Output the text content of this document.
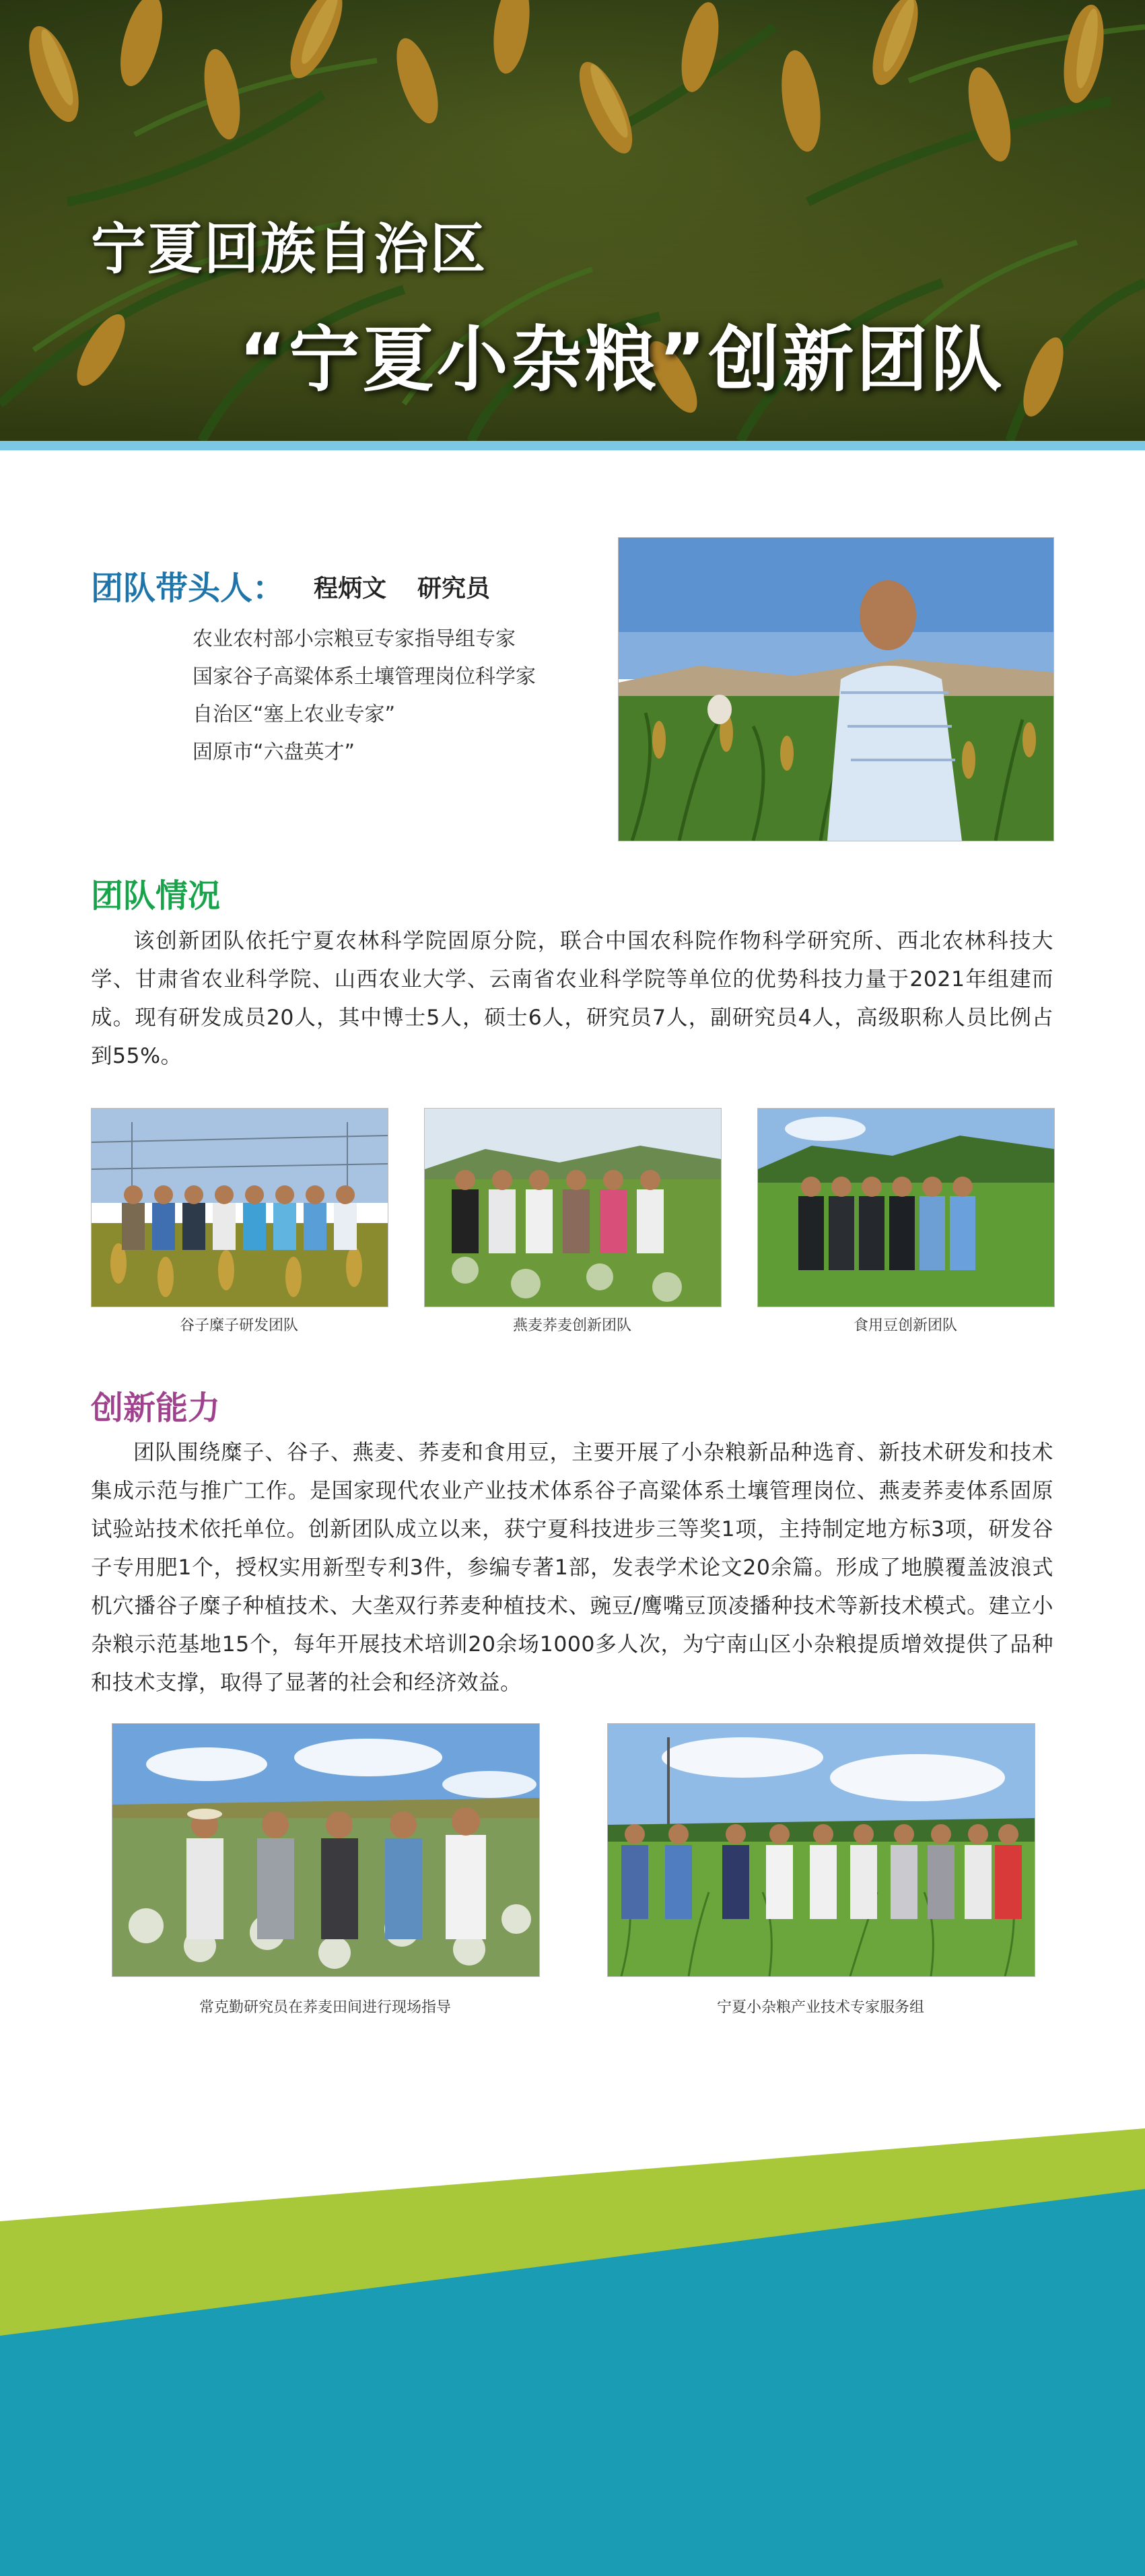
宁夏回族自治区
“宁夏小杂粮”创新团队
团队带头人： 程炳文 研究员
农业农村部小宗粮豆专家指导组专家
国家谷子高粱体系土壤管理岗位科学家
自治区“塞上农业专家”
固原市“六盘英才”
团队情况

该创新团队依托宁夏农林科学院固原分院，联合中国农科院作物科学研究所、西北农林科技大学、甘肃省农业科学院、山西农业大学、云南省农业科学院等单位的优势科技力量于2021年组建而成。现有研发成员20人，其中博士5人，硕士6人，研究员7人，副研究员4人，高级职称人员比例占到55%。

谷子糜子研发团队	燕麦荞麦创新团队	食用豆创新团队
创新能力

团队围绕糜子、谷子、燕麦、荞麦和食用豆，主要开展了小杂粮新品种选育、新技术研发和技术集成示范与推广工作。是国家现代农业产业技术体系谷子高粱体系土壤管理岗位、燕麦荞麦体系固原试验站技术依托单位。创新团队成立以来，获宁夏科技进步三等奖1项，主持制定地方标3项，研发谷子专用肥1个，授权实用新型专利3件，参编专著1部，发表学术论文20余篇。形成了地膜覆盖波浪式机穴播谷子糜子种植技术、大垄双行荞麦种植技术、豌豆/鹰嘴豆顶凌播种技术等新技术模式。建立小杂粮示范基地15个，每年开展技术培训20余场1000多人次，为宁南山区小杂粮提质增效提供了品种和技术支撑，取得了显著的社会和经济效益。

常克勤研究员在荞麦田间进行现场指导	宁夏小杂粮产业技术专家服务组
